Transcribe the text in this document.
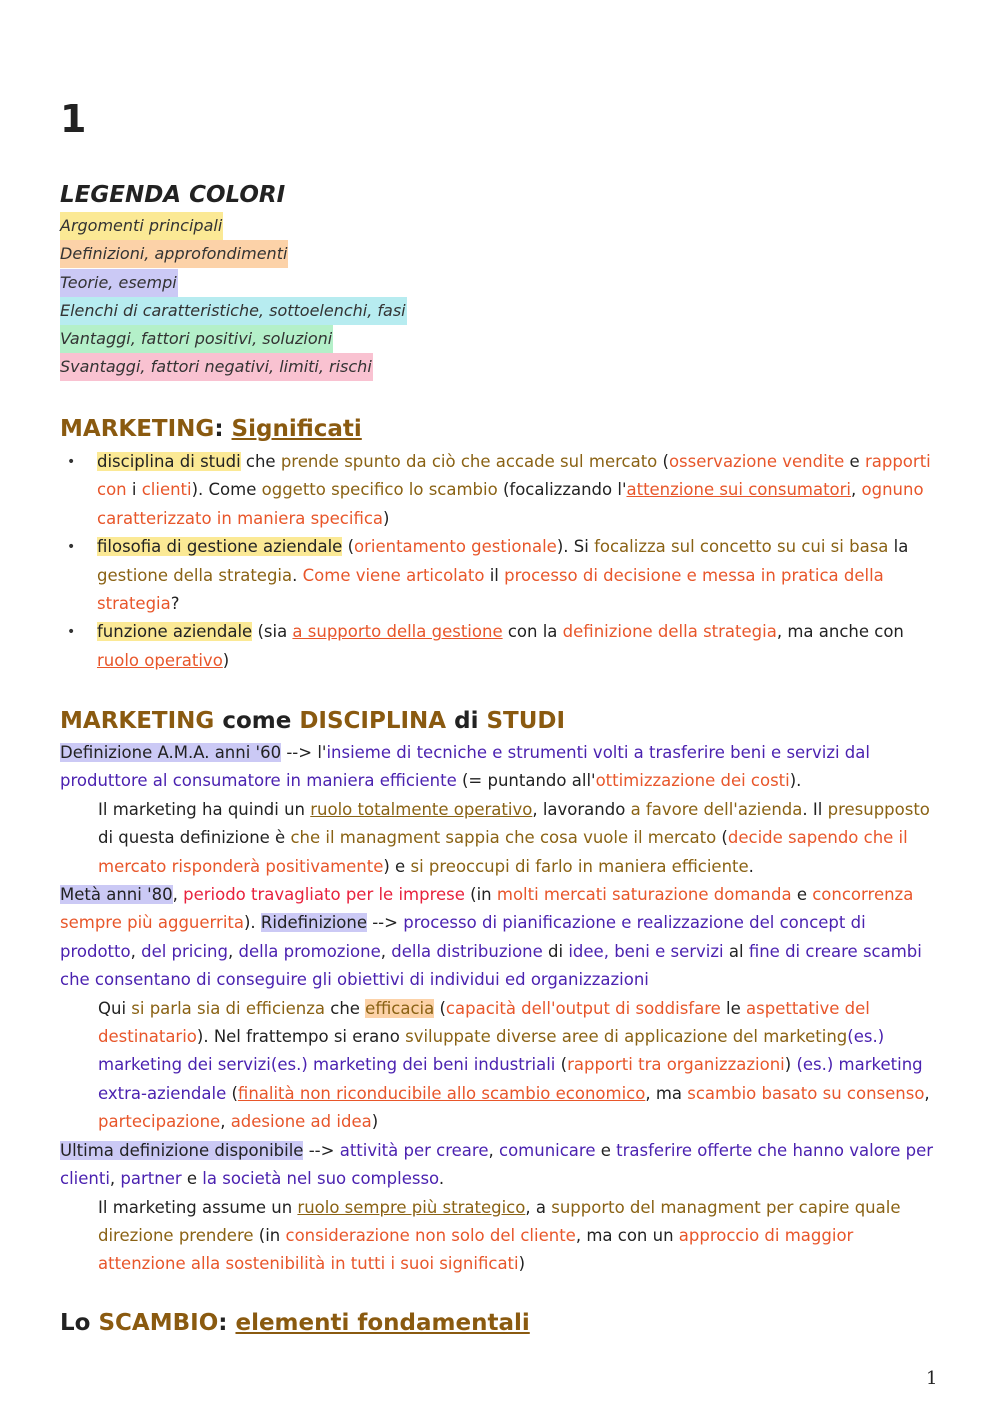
1
LEGENDA COLORI
Argomenti principali
Definizioni, approfondimenti
Teorie, esempi
Elenchi di caratteristiche, sottoelenchi, fasi
Vantaggi, fattori positivi, soluzioni
Svantaggi, fattori negativi, limiti, rischi
MARKETING: Significati
• disciplina di studi che prende spunto da ciò che accade sul mercato (osservazione vendite e rapporti con i clienti). Come oggetto specifico lo scambio (focalizzando l'attenzione sui consumatori, ognuno caratterizzato in maniera specifica)
• filosofia di gestione aziendale (orientamento gestionale). Si focalizza sul concetto su cui si basa la gestione della strategia. Come viene articolato il processo di decisione e messa in pratica della strategia?
• funzione aziendale (sia a supporto della gestione con la definizione della strategia, ma anche con ruolo operativo)
MARKETING come DISCIPLINA di STUDI

Definizione A.M.A. anni '60 --> l'insieme di tecniche e strumenti volti a trasferire beni e servizi dal produttore al consumatore in maniera efficiente (= puntando all'ottimizzazione dei costi).

Il marketing ha quindi un ruolo totalmente operativo, lavorando a favore dell'azienda. Il presupposto di questa definizione è che il managment sappia che cosa vuole il mercato (decide sapendo che il mercato risponderà positivamente) e si preoccupi di farlo in maniera efficiente.

Metà anni '80, periodo travagliato per le imprese (in molti mercati saturazione domanda e concorrenza sempre più agguerrita). Ridefinizione --> processo di pianificazione e realizzazione del concept di prodotto, del pricing, della promozione, della distribuzione di idee, beni e servizi al fine di creare scambi che consentano di conseguire gli obiettivi di individui ed organizzazioni

Qui si parla sia di efficienza che efficacia (capacità dell'output di soddisfare le aspettative del destinatario). Nel frattempo si erano sviluppate diverse aree di applicazione del marketing(es.) marketing dei servizi(es.) marketing dei beni industriali (rapporti tra organizzazioni) (es.) marketing extra-aziendale (finalità non riconducibile allo scambio economico, ma scambio basato su consenso, partecipazione, adesione ad idea)

Ultima definizione disponibile --> attività per creare, comunicare e trasferire offerte che hanno valore per clienti, partner e la società nel suo complesso.

Il marketing assume un ruolo sempre più strategico, a supporto del managment per capire quale direzione prendere (in considerazione non solo del cliente, ma con un approccio di maggior attenzione alla sostenibilità in tutti i suoi significati)

Lo SCAMBIO: elementi fondamentali
1
